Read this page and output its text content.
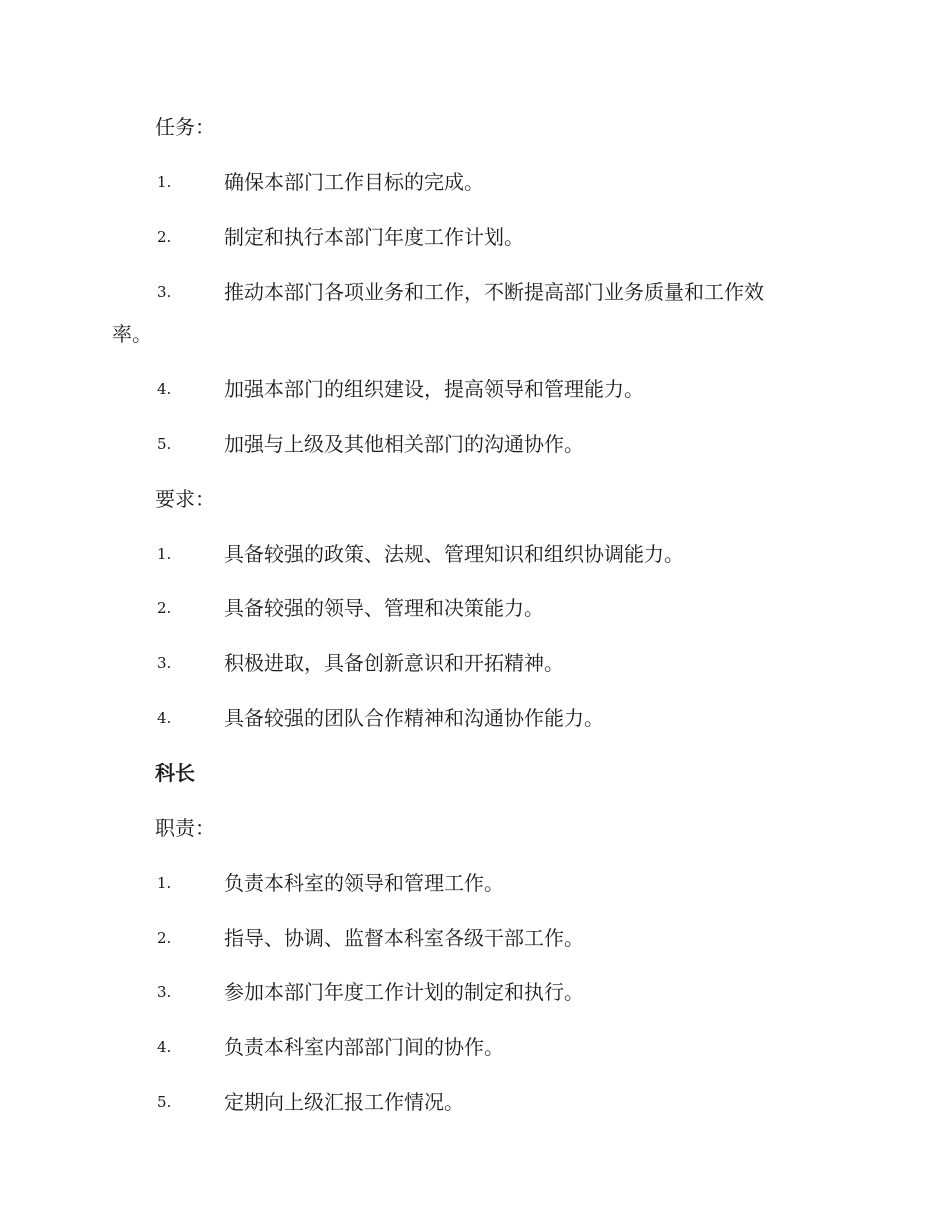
任务：
1.	确保本部门工作目标的完成。
2.	制定和执行本部门年度工作计划。
3.	推动本部门各项业务和工作，不断提高部门业务质量和工作效
率。
4.	加强本部门的组织建设，提高领导和管理能力。
5.	加强与上级及其他相关部门的沟通协作。
要求：
1.	具备较强的政策、法规、管理知识和组织协调能力。
2.	具备较强的领导、管理和决策能力。
3.	积极进取，具备创新意识和开拓精神。
4.	具备较强的团队合作精神和沟通协作能力。
科长
职责：
1.	负责本科室的领导和管理工作。
2.	指导、协调、监督本科室各级干部工作。
3.	参加本部门年度工作计划的制定和执行。
4.	负责本科室内部部门间的协作。
5.	定期向上级汇报工作情况。
